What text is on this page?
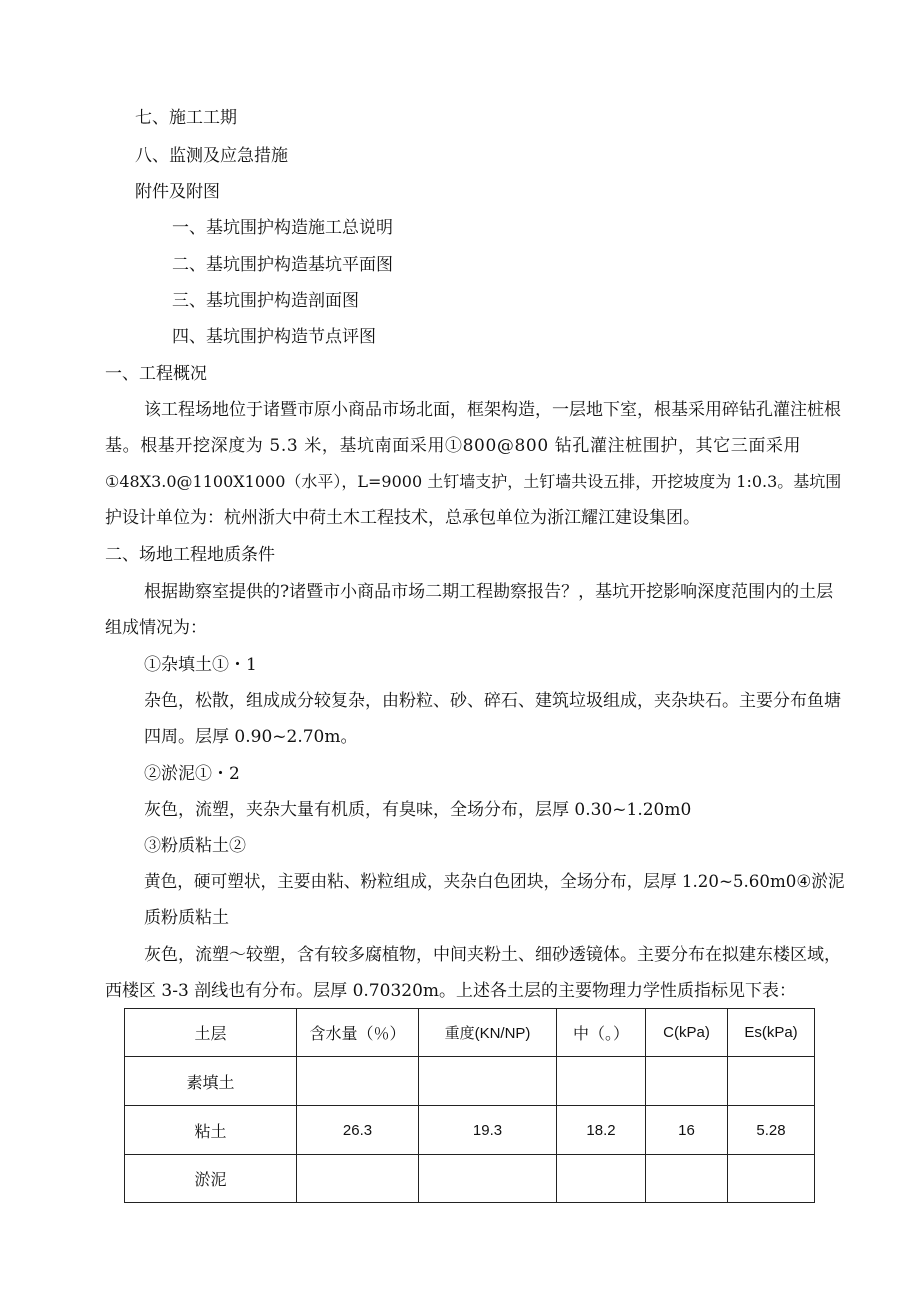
七、施工工期
八、监测及应急措施
附件及附图
一、基坑围护构造施工总说明
二、基坑围护构造基坑平面图
三、基坑围护构造剖面图
四、基坑围护构造节点评图
一、工程概况
该工程场地位于诸暨市原小商品市场北面，框架构造，一层地下室，根基采用碎钻孔灌注桩根
基。根基开挖深度为 5.3 米，基坑南面采用①800@800 钻孔灌注桩围护，其它三面采用
①48X3.0@1100X1000（水平），L=9000 土钉墙支护，土钉墙共设五排，开挖坡度为 1:0.3。基坑围
护设计单位为：杭州浙大中荷土木工程技术，总承包单位为浙江耀江建设集团。
二、场地工程地质条件
根据勘察室提供的?诸暨市小商品市场二期工程勘察报告？，基坑开挖影响深度范围内的土层
组成情况为：
①杂填土①・1
杂色，松散，组成成分较复杂，由粉粒、砂、碎石、建筑垃圾组成，夹杂块石。主要分布鱼塘
四周。层厚 0.90~2.70m。
②淤泥①・2
灰色，流塑，夹杂大量有机质，有臭味，全场分布，层厚 0.30~1.20m0
③粉质粘土②
黄色，硬可塑状，主要由粘、粉粒组成，夹杂白色团块，全场分布，层厚 1.20~5.60m0④淤泥
质粉质粘土
灰色，流塑～较塑，含有较多腐植物，中间夹粉土、细砂透镜体。主要分布在拟建东楼区域，
西楼区 3-3 剖线也有分布。层厚 0.70320m。上述各土层的主要物理力学性质指标见下表：
土层	含水量（％）	重度(KN/NP)	中（。）	C(kPa)	Es(kPa)
素填土					
粘土	26.3	19.3	18.2	16	5.28
淤泥					
